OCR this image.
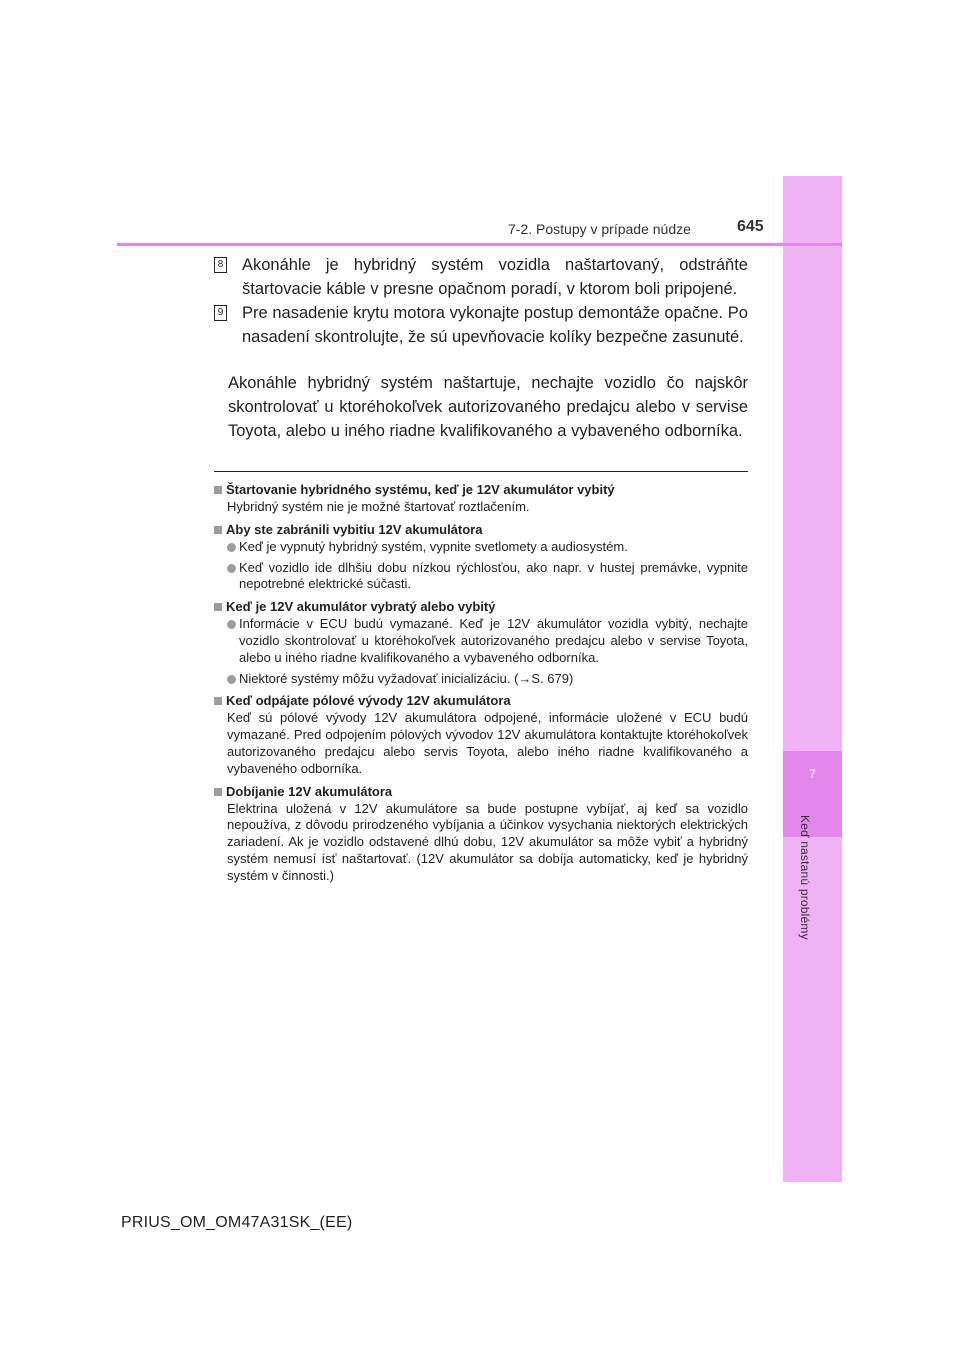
7
Keď nastanú problémy
7-2. Postupy v prípade núdze	645
8 Akonáhle je hybridný systém vozidla naštartovaný, odstráňte štartovacie káble v presne opačnom poradí, v ktorom boli pripojené.
9 Pre nasadenie krytu motora vykonajte postup demontáže opačne. Po nasadení skontrolujte, že sú upevňovacie kolíky bezpečne zasunuté.
Akonáhle hybridný systém naštartuje, nechajte vozidlo čo najskôr skontrolovať u ktoréhokoľvek autorizovaného predajcu alebo v servise Toyota, alebo u iného riadne kvalifikovaného a vybaveného odborníka.
Štartovanie hybridného systému, keď je 12V akumulátor vybitý
Hybridný systém nie je možné štartovať roztlačením.
Aby ste zabránili vybitiu 12V akumulátora
Keď je vypnutý hybridný systém, vypnite svetlomety a audiosystém.
Keď vozidlo ide dlhšiu dobu nízkou rýchlosťou, ako napr. v hustej premávke, vypnite nepotrebné elektrické súčasti.
Keď je 12V akumulátor vybratý alebo vybitý
Informácie v ECU budú vymazané. Keď je 12V akumulátor vozidla vybitý, nechajte vozidlo skontrolovať u ktoréhokoľvek autorizovaného predajcu alebo v servise Toyota, alebo u iného riadne kvalifikovaného a vybaveného odborníka.
Niektoré systémy môžu vyžadovať inicializáciu. (→S. 679)
Keď odpájate pólové vývody 12V akumulátora
Keď sú pólové vývody 12V akumulátora odpojené, informácie uložené v ECU budú vymazané. Pred odpojením pólových vývodov 12V akumulátora kontaktujte ktoréhokoľvek autorizovaného predajcu alebo servis Toyota, alebo iného riadne kvalifikovaného a vybaveného odborníka.
Dobíjanie 12V akumulátora
Elektrina uložená v 12V akumulátore sa bude postupne vybíjať, aj keď sa vozidlo nepoužíva, z dôvodu prirodzeného vybíjania a účinkov vysychania niektorých elektrických zariadení. Ak je vozidlo odstavené dlhú dobu, 12V akumulátor sa môže vybiť a hybridný systém nemusí ísť naštartovať. (12V akumulátor sa dobíja automaticky, keď je hybridný systém v činnosti.)
PRIUS_OM_OM47A31SK_(EE)
